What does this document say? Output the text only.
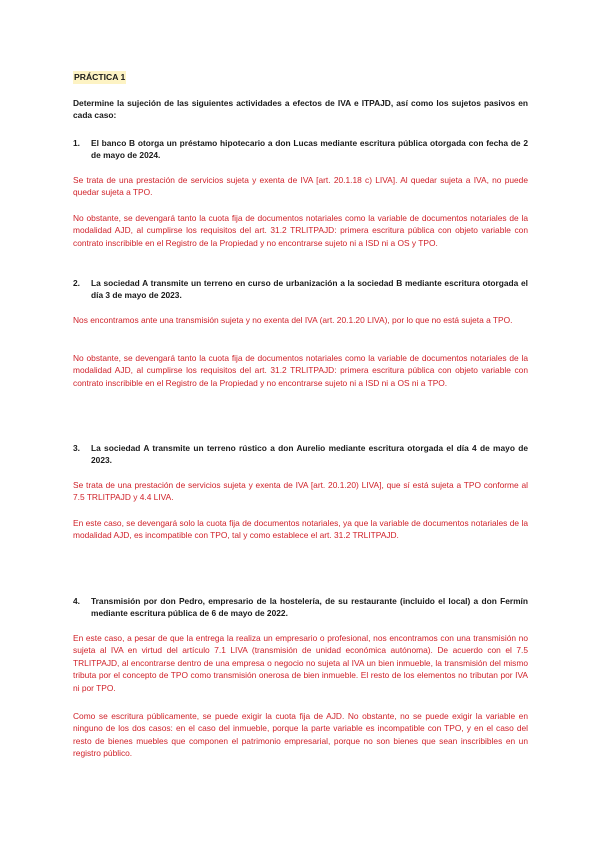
PRÁCTICA 1
Determine la sujeción de las siguientes actividades a efectos de IVA e ITPAJD, así como los sujetos pasivos en cada caso:
1.	El banco B otorga un préstamo hipotecario a don Lucas mediante escritura pública otorgada con fecha de 2 de mayo de 2024.
Se trata de una prestación de servicios sujeta y exenta de IVA [art. 20.1.18 c) LIVA]. Al quedar sujeta a IVA, no puede quedar sujeta a TPO.
No obstante, se devengará tanto la cuota fija de documentos notariales como la variable de documentos notariales de la modalidad AJD, al cumplirse los requisitos del art. 31.2 TRLITPAJD: primera escritura pública con objeto variable con contrato inscribible en el Registro de la Propiedad y no encontrarse sujeto ni a ISD ni a OS y TPO.
2.	La sociedad A transmite un terreno en curso de urbanización a la sociedad B mediante escritura otorgada el día 3 de mayo de 2023.
Nos encontramos ante una transmisión sujeta y no exenta del IVA (art. 20.1.20 LIVA), por lo que no está sujeta a TPO.
No obstante, se devengará tanto la cuota fija de documentos notariales como la variable de documentos notariales de la modalidad AJD, al cumplirse los requisitos del art. 31.2 TRLITPAJD: primera escritura pública con objeto variable con contrato inscribible en el Registro de la Propiedad y no encontrarse sujeto ni a ISD ni a OS ni a TPO.
3.	La sociedad A transmite un terreno rústico a don Aurelio mediante escritura otorgada el día 4 de mayo de 2023.
Se trata de una prestación de servicios sujeta y exenta de IVA [art. 20.1.20) LIVA], que sí está sujeta a TPO conforme al 7.5 TRLITPAJD y 4.4 LIVA.
En este caso, se devengará solo la cuota fija de documentos notariales, ya que la variable de documentos notariales de la modalidad AJD, es incompatible con TPO, tal y como establece el art. 31.2 TRLITPAJD.
4.	Transmisión por don Pedro, empresario de la hostelería, de su restaurante (incluido el local) a don Fermín mediante escritura pública de 6 de mayo de 2022.
En este caso, a pesar de que la entrega la realiza un empresario o profesional, nos encontramos con una transmisión no sujeta al IVA en virtud del artículo 7.1 LIVA (transmisión de unidad económica autónoma). De acuerdo con el 7.5 TRLITPAJD, al encontrarse dentro de una empresa o negocio no sujeta al IVA un bien inmueble, la transmisión del mismo tributa por el concepto de TPO como transmisión onerosa de bien inmueble. El resto de los elementos no tributan por IVA ni por TPO.
Como se escritura públicamente, se puede exigir la cuota fija de AJD. No obstante, no se puede exigir la variable en ninguno de los dos casos: en el caso del inmueble, porque la parte variable es incompatible con TPO, y en el caso del resto de bienes muebles que componen el patrimonio empresarial, porque no son bienes que sean inscribibles en un registro público.
